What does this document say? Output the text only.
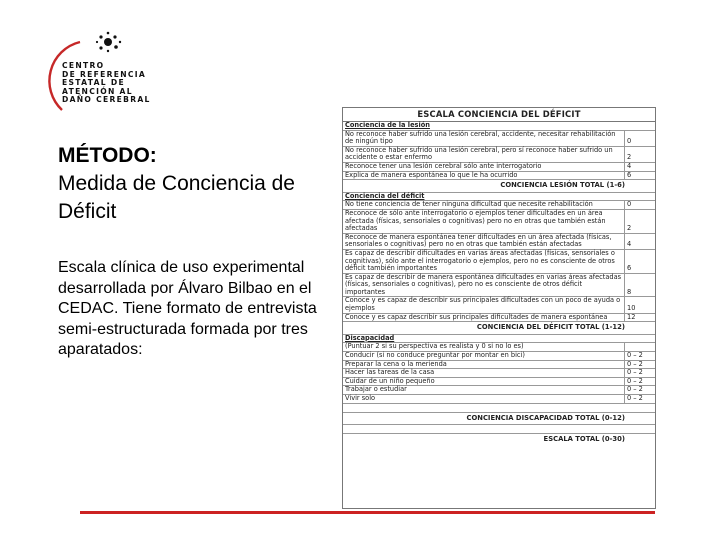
CENTRO
DE REFERENCIA
ESTATAL DE
ATENCIÓN AL
DAÑO CEREBRAL

MÉTODO:

Medida de Conciencia de Déficit

Escala clínica de uso experimental desarrollada por Álvaro Bilbao en el CEDAC. Tiene formato de entrevista semi-estructurada formada por tres aparatados:

ESCALA CONCIENCIA DEL DÉFICIT
Conciencia de la lesión
No reconoce haber sufrido una lesión cerebral, accidente, necesitar rehabilitación de ningún tipo	0
No reconoce haber sufrido una lesión cerebral, pero sí reconoce haber sufrido un accidente o estar enfermo	2
Reconoce tener una lesión cerebral sólo ante interrogatorio	4
Explica de manera espontánea lo que le ha ocurrido	6
CONCIENCIA LESIÓN TOTAL (1-6)
Conciencia del déficit
No tiene conciencia de tener ninguna dificultad que necesite rehabilitación	0
Reconoce de sólo ante interrogatorio o ejemplos tener dificultades en un área afectada (físicas, sensoriales o cognitivas) pero no en otras que también están afectadas	2
Reconoce de manera espontánea tener dificultades en un área afectada (físicas, sensoriales o cognitivas) pero no en otras que también están afectadas	4
Es capaz de describir dificultades en varias áreas afectadas (físicas, sensoriales o cognitivas), sólo ante el interrogatorio o ejemplos, pero no es consciente de otros déficit también importantes	6
Es capaz de describir de manera espontánea dificultades en varias áreas afectadas (físicas, sensoriales o cognitivas), pero no es consciente de otros déficit importantes	8
Conoce y es capaz de describir sus principales dificultades con un poco de ayuda o ejemplos	10
Conoce y es capaz describir sus principales dificultades de manera espontánea	12
CONCIENCIA DEL DÉFICIT TOTAL (1-12)
Discapacidad
(Puntuar 2 si su perspectiva es realista y 0 si no lo es)
Conducir (si no conduce preguntar por montar en bici)	0 – 2
Preparar la cena o la merienda	0 – 2
Hacer las tareas de la casa	0 – 2
Cuidar de un niño pequeño	0 – 2
Trabajar o estudiar	0 – 2
Vivir solo	0 – 2
CONCIENCIA DISCAPACIDAD TOTAL (0-12)
ESCALA TOTAL (0-30)
